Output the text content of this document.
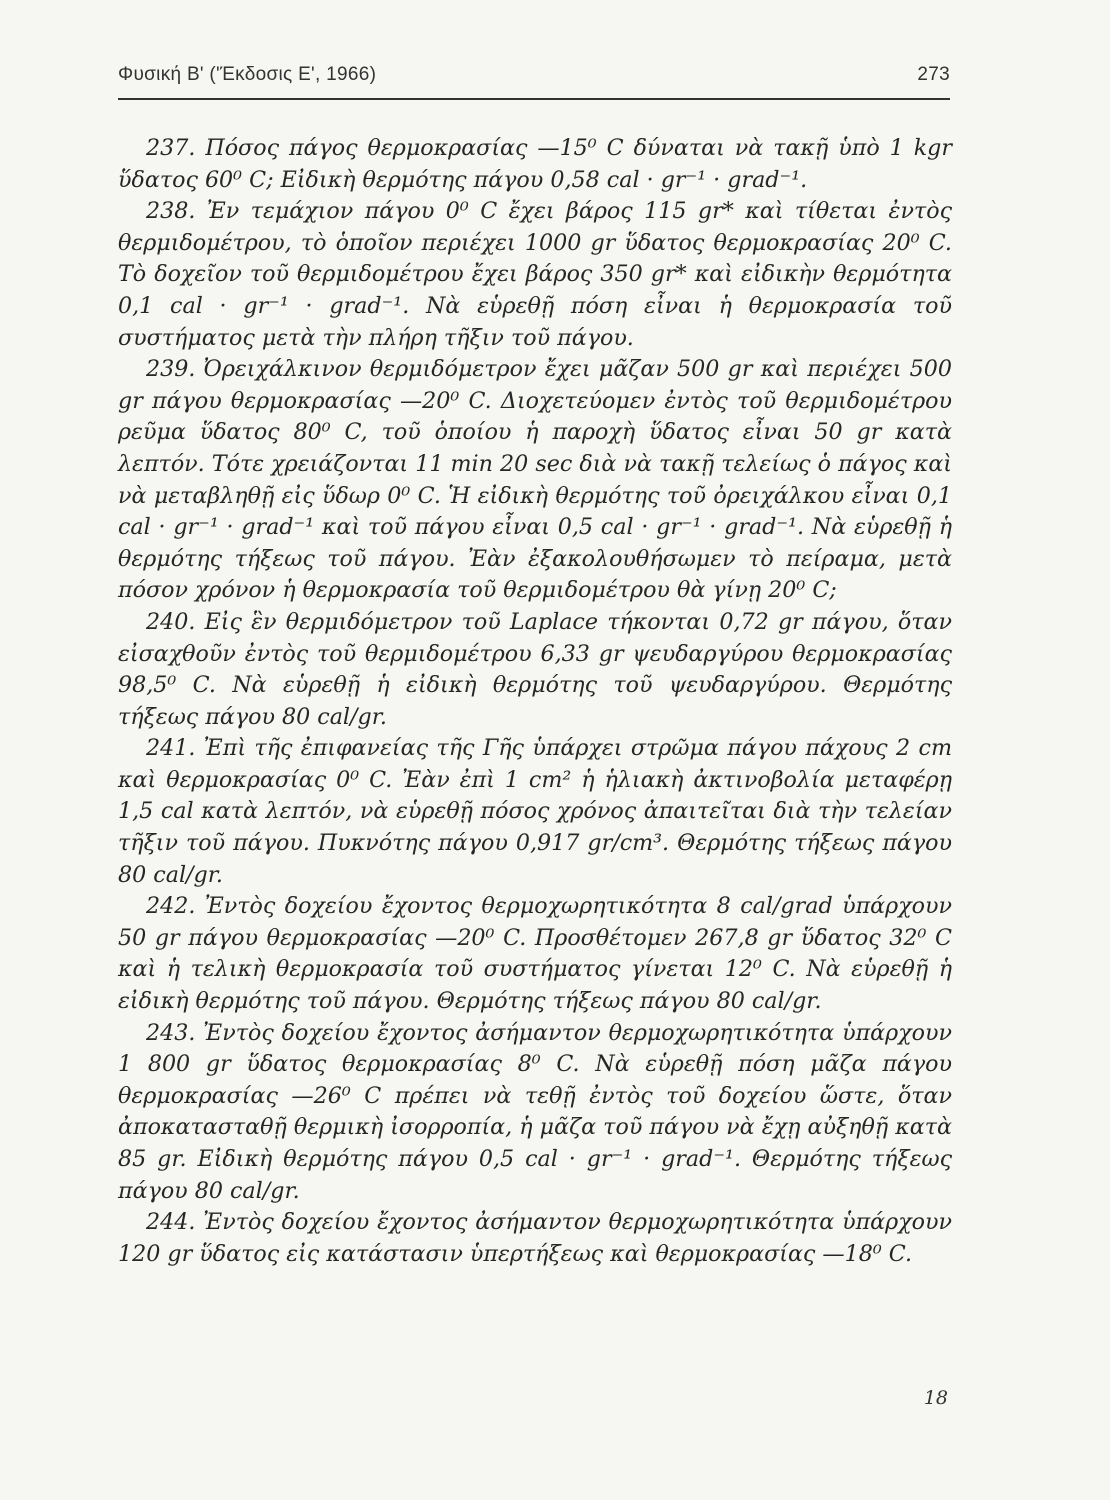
Φυσική Β' ('Έκδοσις Ε', 1966)	273

237. Πόσος πάγος θερμοκρασίας —15⁰ C δύναται νὰ τακῇ ὑπὸ 1 kgr ὕδατος 60⁰ C; Εἰδικὴ θερμότης πάγου 0,58 cal · gr⁻¹ · grad⁻¹.

238. Ἐν τεμάχιον πάγου 0⁰ C ἔχει βάρος 115 gr* καὶ τίθεται ἐντὸς θερμιδομέτρου, τὸ ὁποῖον περιέχει 1000 gr ὕδατος θερμοκρασίας 20⁰ C. Τὸ δοχεῖον τοῦ θερμιδομέτρου ἔχει βάρος 350 gr* καὶ εἰδικὴν θερμότητα 0,1 cal · gr⁻¹ · grad⁻¹. Νὰ εὑρεθῇ πόση εἶναι ἡ θερμοκρασία τοῦ συστήματος μετὰ τὴν πλήρη τῆξιν τοῦ πάγου.

239. Ὀρειχάλκινον θερμιδόμετρον ἔχει μᾶζαν 500 gr καὶ περιέχει 500 gr πάγου θερμοκρασίας —20⁰ C. Διοχετεύομεν ἐντὸς τοῦ θερμιδομέτρου ρεῦμα ὕδατος 80⁰ C, τοῦ ὁποίου ἡ παροχὴ ὕδατος εἶναι 50 gr κατὰ λεπτόν. Τότε χρειάζονται 11 min 20 sec διὰ νὰ τακῇ τελείως ὁ πάγος καὶ νὰ μεταβληθῇ εἰς ὕδωρ 0⁰ C. Ἡ εἰδικὴ θερμότης τοῦ ὀρειχάλκου εἶναι 0,1 cal · gr⁻¹ · grad⁻¹ καὶ τοῦ πάγου εἶναι 0,5 cal · gr⁻¹ · grad⁻¹. Νὰ εὑρεθῇ ἡ θερμότης τήξεως τοῦ πάγου. Ἐὰν ἐξακολουθήσωμεν τὸ πείραμα, μετὰ πόσον χρόνον ἡ θερμοκρασία τοῦ θερμιδομέτρου θὰ γίνῃ 20⁰ C;

240. Εἰς ἓν θερμιδόμετρον τοῦ Laplace τήκονται 0,72 gr πάγου, ὅταν εἰσαχθοῦν ἐντὸς τοῦ θερμιδομέτρου 6,33 gr ψευδαργύρου θερμοκρασίας 98,5⁰ C. Νὰ εὑρεθῇ ἡ εἰδικὴ θερμότης τοῦ ψευδαργύρου. Θερμότης τήξεως πάγου 80 cal/gr.

241. Ἐπὶ τῆς ἐπιφανείας τῆς Γῆς ὑπάρχει στρῶμα πάγου πάχους 2 cm καὶ θερμοκρασίας 0⁰ C. Ἐὰν ἐπὶ 1 cm² ἡ ἡλιακὴ ἀκτινοβολία μεταφέρῃ 1,5 cal κατὰ λεπτόν, νὰ εὑρεθῇ πόσος χρόνος ἀπαιτεῖται διὰ τὴν τελείαν τῆξιν τοῦ πάγου. Πυκνότης πάγου 0,917 gr/cm³. Θερμότης τήξεως πάγου 80 cal/gr.

242. Ἐντὸς δοχείου ἔχοντος θερμοχωρητικότητα 8 cal/grad ὑπάρχουν 50 gr πάγου θερμοκρασίας —20⁰ C. Προσθέτομεν 267,8 gr ὕδατος 32⁰ C καὶ ἡ τελικὴ θερμοκρασία τοῦ συστήματος γίνεται 12⁰ C. Νὰ εὑρεθῇ ἡ εἰδικὴ θερμότης τοῦ πάγου. Θερμότης τήξεως πάγου 80 cal/gr.

243. Ἐντὸς δοχείου ἔχοντος ἀσήμαντον θερμοχωρητικότητα ὑπάρχουν 1 800 gr ὕδατος θερμοκρασίας 8⁰ C. Νὰ εὑρεθῇ πόση μᾶζα πάγου θερμοκρασίας —26⁰ C πρέπει νὰ τεθῇ ἐντὸς τοῦ δοχείου ὥστε, ὅταν ἀποκατασταθῇ θερμικὴ ἰσορροπία, ἡ μᾶζα τοῦ πάγου νὰ ἔχῃ αὐξηθῇ κατὰ 85 gr. Εἰδικὴ θερμότης πάγου 0,5 cal · gr⁻¹ · grad⁻¹. Θερμότης τήξεως πάγου 80 cal/gr.

244. Ἐντὸς δοχείου ἔχοντος ἀσήμαντον θερμοχωρητικότητα ὑπάρχουν 120 gr ὕδατος εἰς κατάστασιν ὑπερτήξεως καὶ θερμοκρασίας —18⁰ C.

18
